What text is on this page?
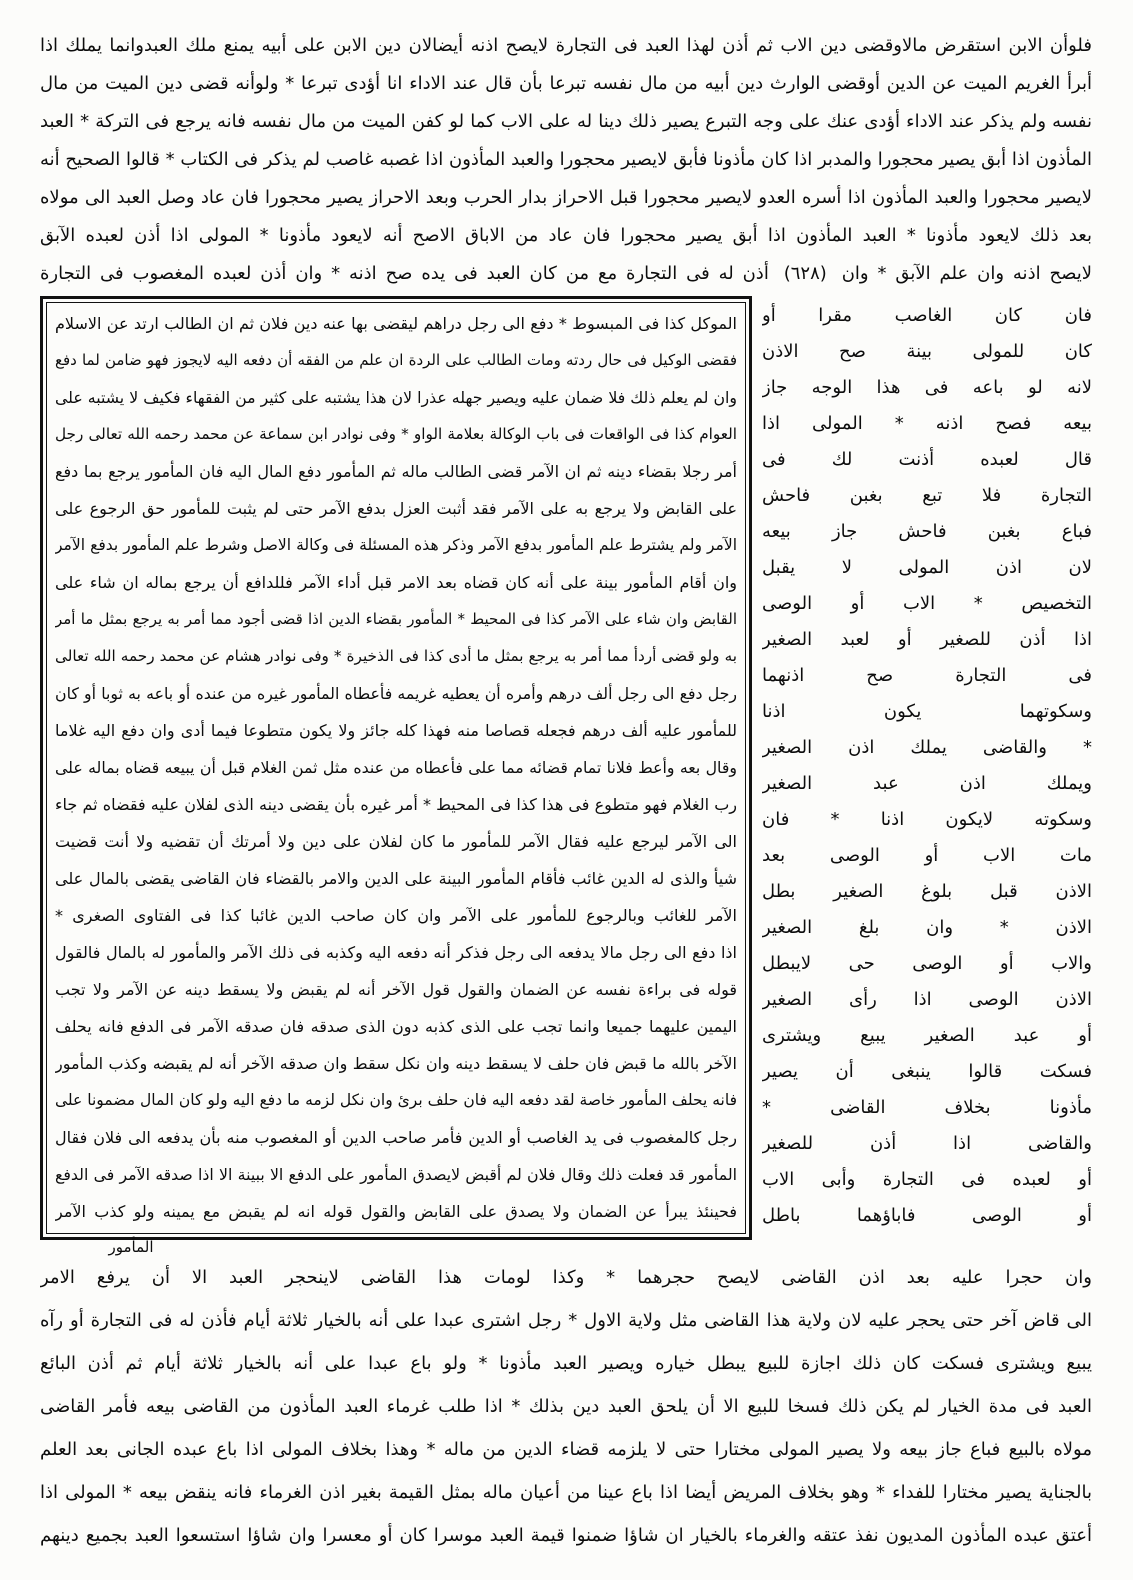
فلوأن الابن استقرض مالاوقضى دين الاب ثم أذن لهذا العبد فى التجارة لايصح اذنه أيضالان دين الابن على أبيه يمنع ملك العبدوانما يملك اذا
أبرأ الغريم الميت عن الدين أوقضى الوارث دين أبيه من مال نفسه تبرعا بأن قال عند الاداء انا أؤدى تبرعا * ولوأنه قضى دين الميت من مال
نفسه ولم يذكر عند الاداء أؤدى عنك على وجه التبرع يصير ذلك دينا له على الاب كما لو كفن الميت من مال نفسه فانه يرجع فى التركة * العبد
المأذون اذا أبق يصير محجورا والمدبر اذا كان مأذونا فأبق لايصير محجورا والعبد المأذون اذا غصبه غاصب لم يذكر فى الكتاب * قالوا الصحيح أنه
لايصير محجورا والعبد المأذون اذا أسره العدو لايصير محجورا قبل الاحراز بدار الحرب وبعد الاحراز يصير محجورا فان عاد وصل العبد الى مولاه
بعد ذلك لايعود مأذونا * العبد المأذون اذا أبق يصير محجورا فان عاد من الاباق الاصح أنه لايعود مأذونا * المولى اذا أذن لعبده الآبق
لايصح اذنه وان علم الآبق * وان (٦٢٨) أذن له فى التجارة مع من كان العبد فى يده صح اذنه * وان أذن لعبده المغصوب فى التجارة
الموكل كذا فى المبسوط * دفع الى رجل دراهم ليقضى بها عنه دين فلان ثم ان الطالب ارتد عن الاسلام
فقضى الوكيل فى حال ردته ومات الطالب على الردة ان علم من الفقه أن دفعه اليه لايجوز فهو ضامن لما دفع
وان لم يعلم ذلك فلا ضمان عليه ويصير جهله عذرا لان هذا يشتبه على كثير من الفقهاء فكيف لا يشتبه على
العوام كذا فى الواقعات فى باب الوكالة بعلامة الواو * وفى نوادر ابن سماعة عن محمد رحمه الله تعالى رجل
أمر رجلا بقضاء دينه ثم ان الآمر قضى الطالب ماله ثم المأمور دفع المال اليه فان المأمور يرجع بما دفع
على القابض ولا يرجع به على الآمر فقد أثبت العزل بدفع الآمر حتى لم يثبت للمأمور حق الرجوع على
الآمر ولم يشترط علم المأمور بدفع الآمر وذكر هذه المسئلة فى وكالة الاصل وشرط علم المأمور بدفع الآمر
وان أقام المأمور بينة على أنه كان قضاه بعد الامر قبل أداء الآمر فللدافع أن يرجع بماله ان شاء على
القابض وان شاء على الآمر كذا فى المحيط * المأمور بقضاء الدين اذا قضى أجود مما أمر به يرجع بمثل ما أمر
به ولو قضى أردأ مما أمر به يرجع بمثل ما أدى كذا فى الذخيرة * وفى نوادر هشام عن محمد رحمه الله تعالى
رجل دفع الى رجل ألف درهم وأمره أن يعطيه غريمه فأعطاه المأمور غيره من عنده أو باعه به ثوبا أو كان
للمأمور عليه ألف درهم فجعله قصاصا منه فهذا كله جائز ولا يكون متطوعا فيما أدى وان دفع اليه غلاما
وقال بعه وأعط فلانا تمام قضائه مما على فأعطاه من عنده مثل ثمن الغلام قبل أن يبيعه قضاه بماله على
رب الغلام فهو متطوع فى هذا كذا فى المحيط * أمر غيره بأن يقضى دينه الذى لفلان عليه فقضاه ثم جاء
الى الآمر ليرجع عليه فقال الآمر للمأمور ما كان لفلان على دين ولا أمرتك أن تقضيه ولا أنت قضيت
شيأ والذى له الدين غائب فأقام المأمور البينة على الدين والامر بالقضاء فان القاضى يقضى بالمال على
الآمر للغائب وبالرجوع للمأمور على الآمر وان كان صاحب الدين غائبا كذا فى الفتاوى الصغرى *
اذا دفع الى رجل مالا يدفعه الى رجل فذكر أنه دفعه اليه وكذبه فى ذلك الآمر والمأمور له بالمال فالقول
قوله فى براءة نفسه عن الضمان والقول قول الآخر أنه لم يقبض ولا يسقط دينه عن الآمر ولا تجب
اليمين عليهما جميعا وانما تجب على الذى كذبه دون الذى صدقه فان صدقه الآمر فى الدفع فانه يحلف
الآخر بالله ما قبض فان حلف لا يسقط دينه وان نكل سقط وان صدقه الآخر أنه لم يقبضه وكذب المأمور
فانه يحلف المأمور خاصة لقد دفعه اليه فان حلف برئ وان نكل لزمه ما دفع اليه ولو كان المال مضمونا على
رجل كالمغصوب فى يد الغاصب أو الدين فأمر صاحب الدين أو المغصوب منه بأن يدفعه الى فلان فقال
المأمور قد فعلت ذلك وقال فلان لم أقبض لايصدق المأمور على الدفع الا ببينة الا اذا صدقه الآمر فى الدفع
فحينئذ يبرأ عن الضمان ولا يصدق على القابض والقول قوله انه لم يقبض مع يمينه ولو كذب الآمر
فان كان الغاصب مقرا أو
كان للمولى بينة صح الاذن
لانه لو باعه فى هذا الوجه جاز
بيعه فصح اذنه * المولى اذا
قال لعبده أذنت لك فى
التجارة فلا تبع بغبن فاحش
فباع بغبن فاحش جاز بيعه
لان اذن المولى لا يقبل
التخصيص * الاب أو الوصى
اذا أذن للصغير أو لعبد الصغير
فى التجارة صح اذنهما
وسكوتهما يكون اذنا
* والقاضى يملك اذن الصغير
ويملك اذن عبد الصغير
وسكوته لايكون اذنا * فان
مات الاب أو الوصى بعد
الاذن قبل بلوغ الصغير بطل
الاذن * وان بلغ الصغير
والاب أو الوصى حى لايبطل
الاذن الوصى اذا رأى الصغير
أو عبد الصغير يبيع ويشترى
فسكت قالوا ينبغى أن يصير
مأذونا بخلاف القاضى *
والقاضى اذا أذن للصغير
أو لعبده فى التجارة وأبى الاب
أو الوصى فاباؤهما باطل
المأمور
وان حجرا عليه بعد اذن القاضى لايصح حجرهما * وكذا لومات هذا القاضى لاينحجر العبد الا أن يرفع الامر
الى قاض آخر حتى يحجر عليه لان ولاية هذا القاضى مثل ولاية الاول * رجل اشترى عبدا على أنه بالخيار ثلاثة أيام فأذن له فى التجارة أو رآه
يبيع ويشترى فسكت كان ذلك اجازة للبيع يبطل خياره ويصير العبد مأذونا * ولو باع عبدا على أنه بالخيار ثلاثة أيام ثم أذن البائع
العبد فى مدة الخيار لم يكن ذلك فسخا للبيع الا أن يلحق العبد دين بذلك * اذا طلب غرماء العبد المأذون من القاضى بيعه فأمر القاضى
مولاه بالبيع فباع جاز بيعه ولا يصير المولى مختارا حتى لا يلزمه قضاء الدين من ماله * وهذا بخلاف المولى اذا باع عبده الجانى بعد العلم
بالجناية يصير مختارا للفداء * وهو بخلاف المريض أيضا اذا باع عينا من أعيان ماله بمثل القيمة بغير اذن الغرماء فانه ينقض بيعه * المولى اذا
أعتق عبده المأذون المديون نفذ عتقه والغرماء بالخيار ان شاؤا ضمنوا قيمة العبد موسرا كان أو معسرا وان شاؤا استسعوا العبد بجميع دينهم
